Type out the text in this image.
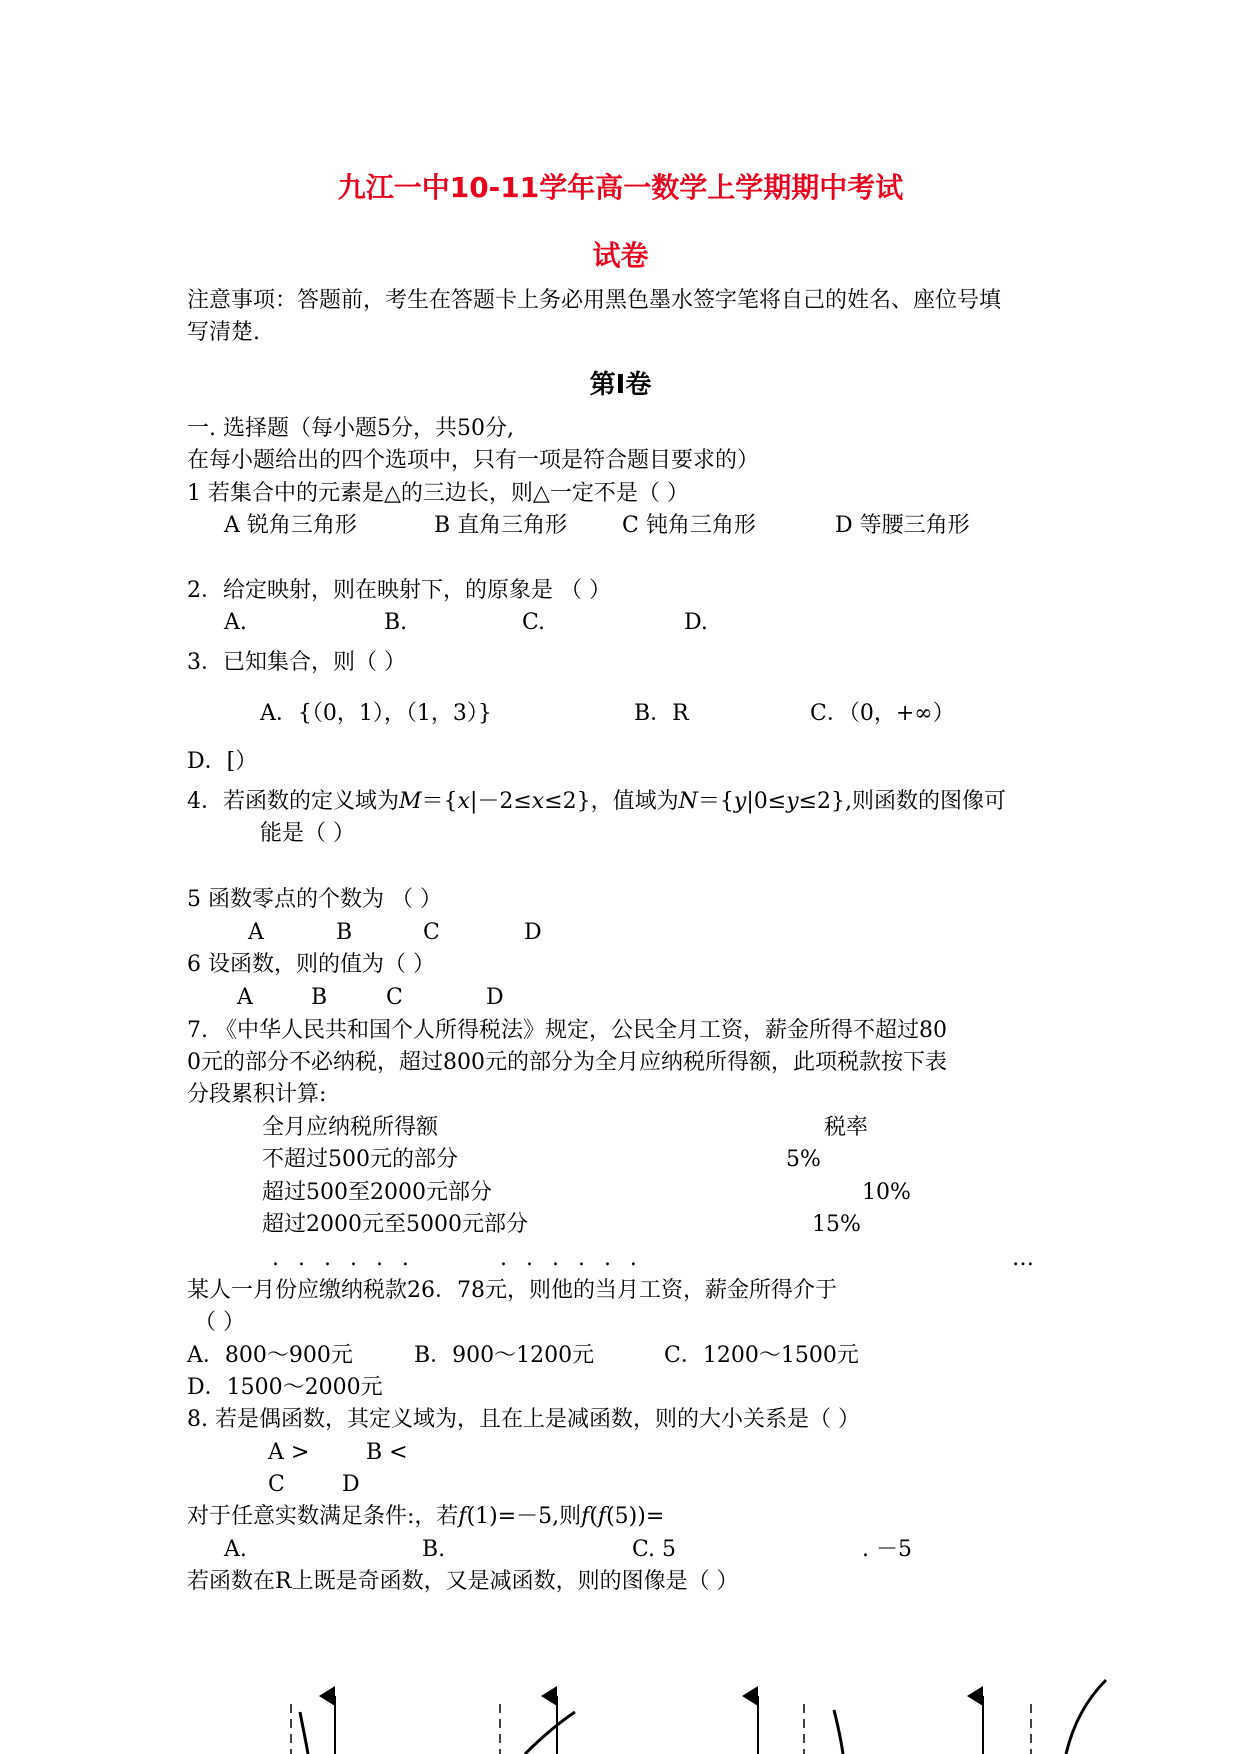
九江一中10-11学年高一数学上学期期中考试
试卷
注意事项：答题前，考生在答题卡上务必用黑色墨水签字笔将自己的姓名、座位号填
写清楚.
第I卷
一. 选择题（每小题5分，共50分,
在每小题给出的四个选项中，只有一项是符合题目要求的）
1 若集合中的元素是△的三边长，则△一定不是（ ）
A 锐角三角形	B 直角三角形 C 钝角三角形	D 等腰三角形
2．给定映射，则在映射下，的原象是 （ ）
A.	B.	C.	D.
3．已知集合，则（ ）
A．{（0，1），（1，3）}	B．R	C．（0，+∞）
D．[）
4．若函数的定义域为M＝{x|－2≤x≤2}，值域为N＝{y|0≤y≤2},则函数的图像可
能是（ ）
5 函数零点的个数为 （ ）
A	B	C	D
6 设函数，则的值为（ ）
A	B	C	D
7. 《中华人民共和国个人所得税法》规定，公民全月工资，薪金所得不超过80
0元的部分不必纳税，超过800元的部分为全月应纳税所得额，此项税款按下表
分段累积计算:
全月应纳税所得额	税率
不超过500元的部分	5%
超过500至2000元部分	10%
超过2000元至5000元部分	15%
. . . . . .	. . . . . .	…
某人一月份应缴纳税款26．78元，则他的当月工资，薪金所得介于
（ ）
A．800～900元	B．900～1200元	C．1200～1500元
D．1500～2000元
8. 若是偶函数，其定义域为，且在上是减函数，则的大小关系是（ ）
A >	B <
C	D
对于任意实数满足条件:，若f(1)=－5,则f(f(5))=
A.	B.	C. 5	. －5
若函数在R上既是奇函数，又是减函数，则的图像是（ ）
